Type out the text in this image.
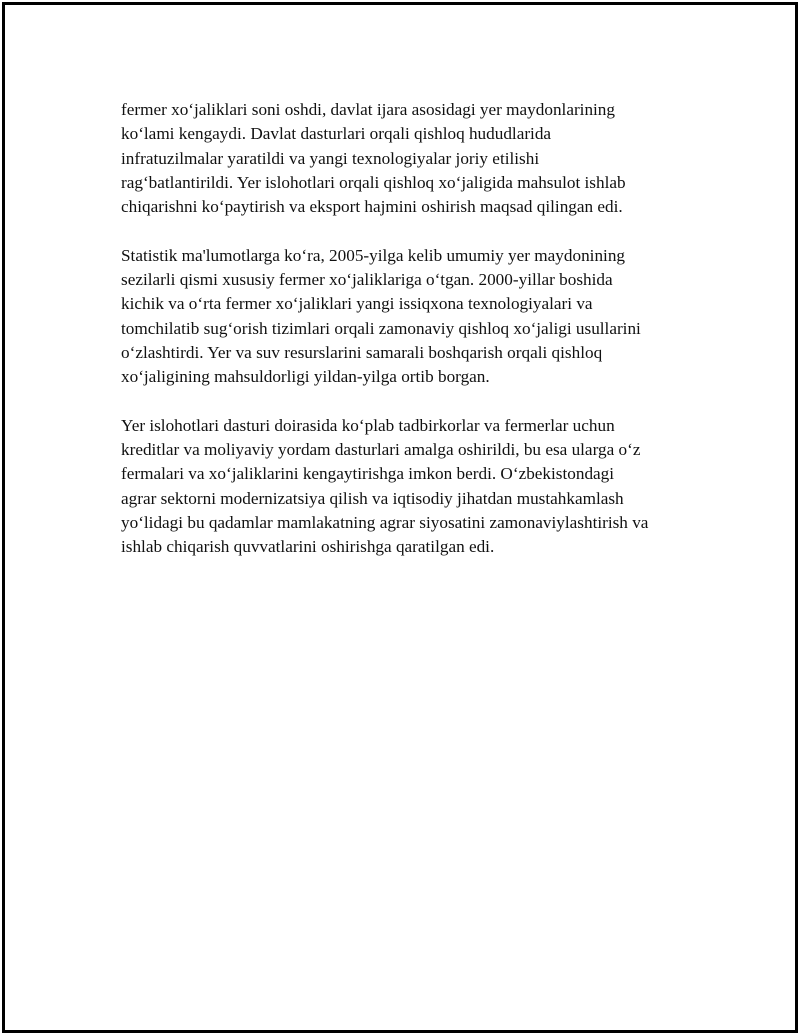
fermer xo‘jaliklari soni oshdi, davlat ijara asosidagi yer maydonlarining
ko‘lami kengaydi. Davlat dasturlari orqali qishloq hududlarida
infratuzilmalar yaratildi va yangi texnologiyalar joriy etilishi
rag‘batlantirildi. Yer islohotlari orqali qishloq xo‘jaligida mahsulot ishlab
chiqarishni ko‘paytirish va eksport hajmini oshirish maqsad qilingan edi.

Statistik ma'lumotlarga ko‘ra, 2005-yilga kelib umumiy yer maydonining
sezilarli qismi xususiy fermer xo‘jaliklariga o‘tgan. 2000-yillar boshida
kichik va o‘rta fermer xo‘jaliklari yangi issiqxona texnologiyalari va
tomchilatib sug‘orish tizimlari orqali zamonaviy qishloq xo‘jaligi usullarini
o‘zlashtirdi. Yer va suv resurslarini samarali boshqarish orqali qishloq
xo‘jaligining mahsuldorligi yildan-yilga ortib borgan.

Yer islohotlari dasturi doirasida ko‘plab tadbirkorlar va fermerlar uchun
kreditlar va moliyaviy yordam dasturlari amalga oshirildi, bu esa ularga o‘z
fermalari va xo‘jaliklarini kengaytirishga imkon berdi. O‘zbekistondagi
agrar sektorni modernizatsiya qilish va iqtisodiy jihatdan mustahkamlash
yo‘lidagi bu qadamlar mamlakatning agrar siyosatini zamonaviylashtirish va
ishlab chiqarish quvvatlarini oshirishga qaratilgan edi.
